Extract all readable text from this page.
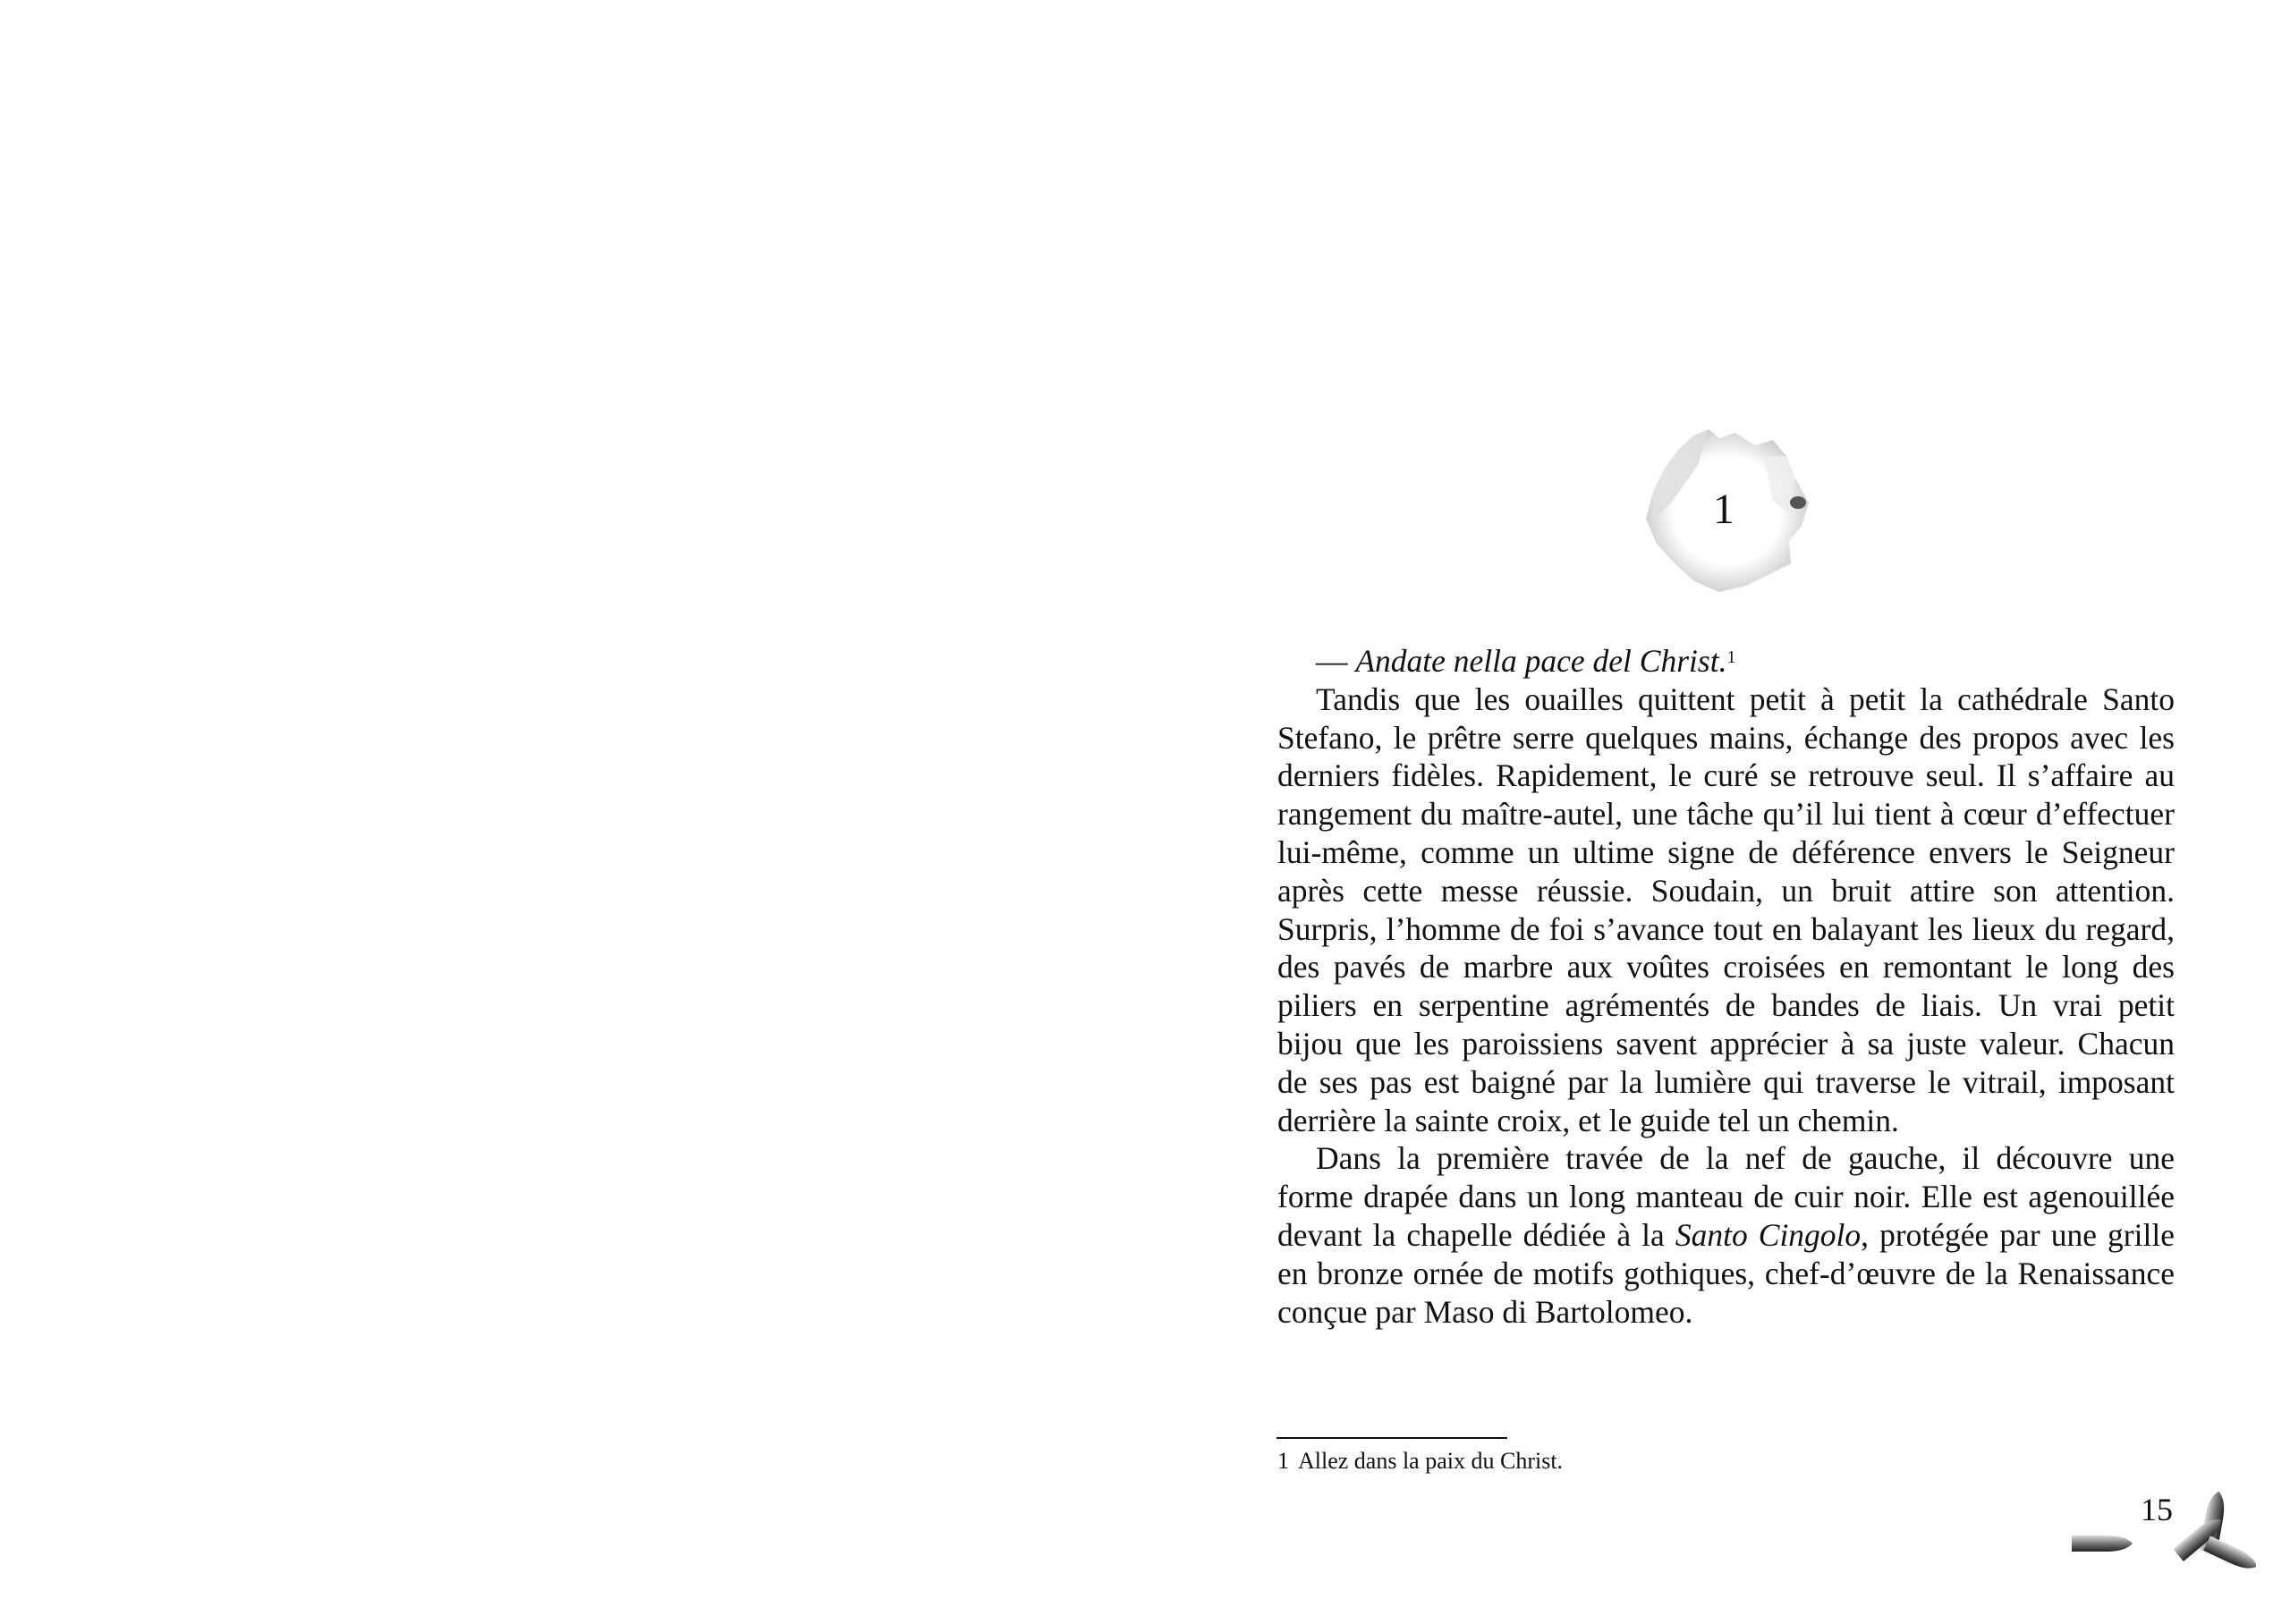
1
— Andate nella pace del Christ.$^1$
Tandis que les ouailles quittent petit à petit la cathédrale Santo
Stefano, le prêtre serre quelques mains, échange des propos avec les
derniers fidèles. Rapidement, le curé se retrouve seul. Il s’affaire au
rangement du maître-autel, une tâche qu’il lui tient à cœur d’effectuer
lui-même, comme un ultime signe de déférence envers le Seigneur
après cette messe réussie. Soudain, un bruit attire son attention.
Surpris, l’homme de foi s’avance tout en balayant les lieux du regard,
des pavés de marbre aux voûtes croisées en remontant le long des
piliers en serpentine agrémentés de bandes de liais. Un vrai petit
bijou que les paroissiens savent apprécier à sa juste valeur. Chacun
de ses pas est baigné par la lumière qui traverse le vitrail, imposant
derrière la sainte croix, et le guide tel un chemin.
Dans la première travée de la nef de gauche, il découvre une
forme drapée dans un long manteau de cuir noir. Elle est agenouillée
devant la chapelle dédiée à la Santo Cingolo, protégée par une grille
en bronze ornée de motifs gothiques, chef-d’œuvre de la Renaissance
conçue par Maso di Bartolomeo.
1 Allez dans la paix du Christ.
15
